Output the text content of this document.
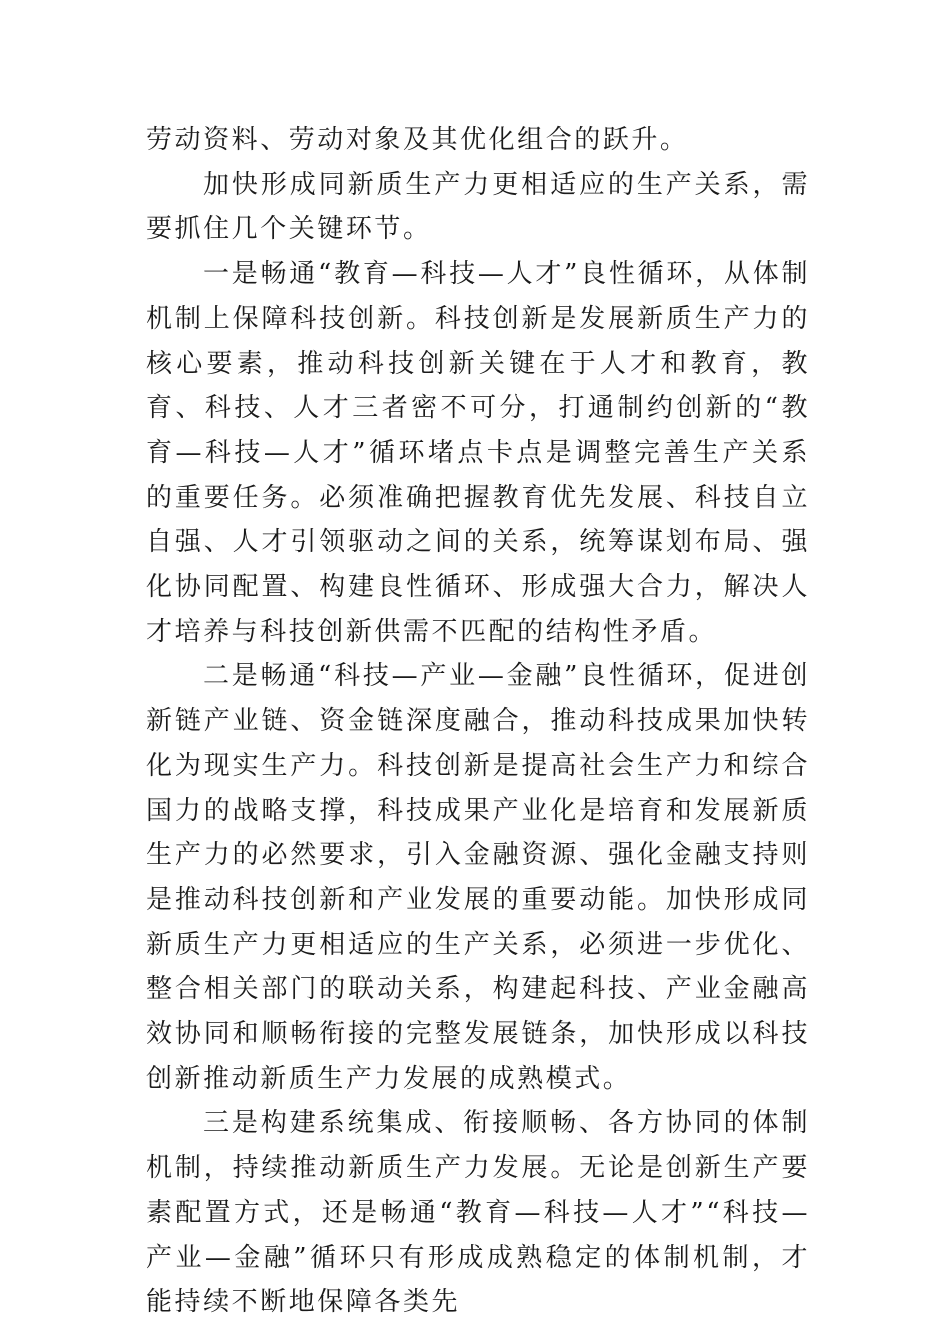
劳动资料、劳动对象及其优化组合的跃升。

加快形成同新质生产力更相适应的生产关系，需要抓住几个关键环节。

一是畅通“教育—科技—人才”良性循环，从体制机制上保障科技创新。科技创新是发展新质生产力的核心要素，推动科技创新关键在于人才和教育，教育、科技、人才三者密不可分，打通制约创新的“教育—科技—人才”循环堵点卡点是调整完善生产关系的重要任务。必须准确把握教育优先发展、科技自立自强、人才引领驱动之间的关系，统筹谋划布局、强化协同配置、构建良性循环、形成强大合力，解决人才培养与科技创新供需不匹配的结构性矛盾。

二是畅通“科技—产业—金融”良性循环，促进创新链产业链、资金链深度融合，推动科技成果加快转化为现实生产力。科技创新是提高社会生产力和综合国力的战略支撑，科技成果产业化是培育和发展新质生产力的必然要求，引入金融资源、强化金融支持则是推动科技创新和产业发展的重要动能。加快形成同新质生产力更相适应的生产关系，必须进一步优化、整合相关部门的联动关系，构建起科技、产业金融高效协同和顺畅衔接的完整发展链条，加快形成以科技创新推动新质生产力发展的成熟模式。

三是构建系统集成、衔接顺畅、各方协同的体制机制，持续推动新质生产力发展。无论是创新生产要素配置方式，还是畅通“教育—科技—人才”“科技—产业—金融”循环只有形成成熟稳定的体制机制，才能持续不断地保障各类先
